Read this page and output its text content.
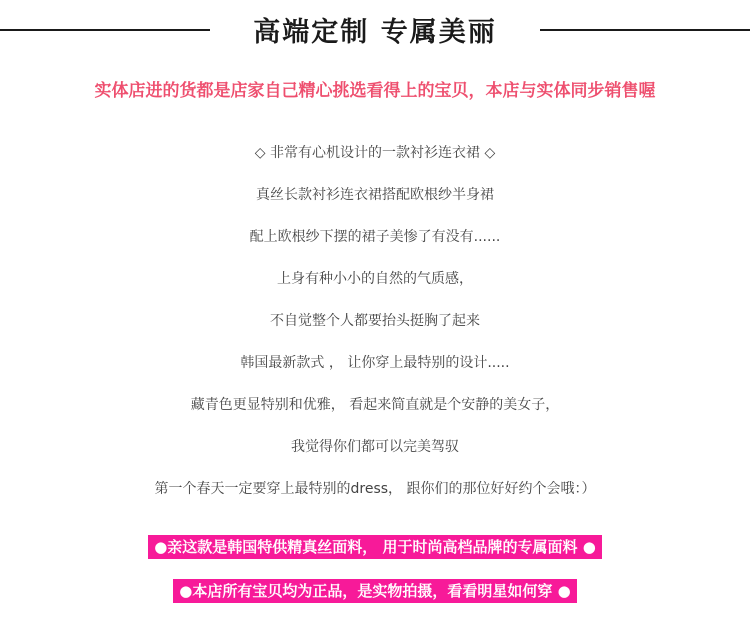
高端定制 专属美丽
实体店进的货都是店家自己精心挑选看得上的宝贝，本店与实体同步销售喔
◇ 非常有心机设计的一款衬衫连衣裙 ◇
真丝长款衬衫连衣裙搭配欧根纱半身裙
配上欧根纱下摆的裙子美惨了有没有......
上身有种小小的自然的气质感，
不自觉整个人都要抬头挺胸了起来
韩国最新款式 ， 让你穿上最特别的设计.....
藏青色更显特别和优雅， 看起来简直就是个安静的美女子，
我觉得你们都可以完美驾驭
第一个春天一定要穿上最特别的dress， 跟你们的那位好好约个会哦：）
●亲这款是韩国特供精真丝面料， 用于时尚高档品牌的专属面料 ●
●本店所有宝贝均为正品，是实物拍摄，看看明星如何穿 ●
